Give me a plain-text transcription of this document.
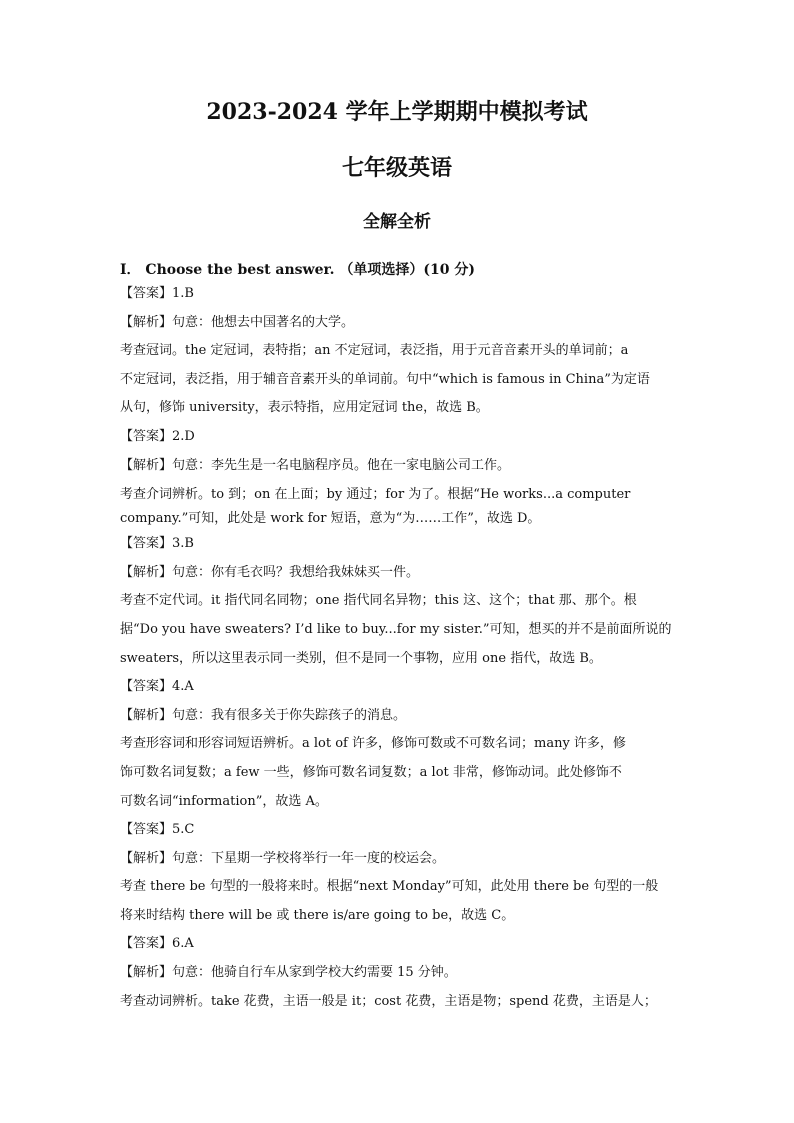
2023-2024 学年上学期期中模拟考试
七年级英语
全解全析
Ⅰ． Choose the best answer. （单项选择）(10 分)

【答案】1.B

【解析】句意：他想去中国著名的大学。

考查冠词。the 定冠词，表特指；an 不定冠词，表泛指，用于元音音素开头的单词前；a

不定冠词，表泛指，用于辅音音素开头的单词前。句中“which is famous in China”为定语

从句，修饰 university，表示特指，应用定冠词 the，故选 B。

【答案】2.D

【解析】句意：李先生是一名电脑程序员。他在一家电脑公司工作。

考查介词辨析。to 到；on 在上面；by 通过；for 为了。根据“He works...a computer

company.”可知，此处是 work for 短语，意为“为……工作”，故选 D。

【答案】3.B

【解析】句意：你有毛衣吗？我想给我妹妹买一件。

考查不定代词。it 指代同名同物；one 指代同名异物；this 这、这个；that 那、那个。根

据“Do you have sweaters? I’d like to buy...for my sister.”可知，想买的并不是前面所说的

sweaters，所以这里表示同一类别，但不是同一个事物，应用 one 指代，故选 B。

【答案】4.A

【解析】句意：我有很多关于你失踪孩子的消息。

考查形容词和形容词短语辨析。a lot of 许多，修饰可数或不可数名词；many 许多，修

饰可数名词复数；a few 一些，修饰可数名词复数；a lot 非常，修饰动词。此处修饰不

可数名词“information”，故选 A。

【答案】5.C

【解析】句意：下星期一学校将举行一年一度的校运会。

考查 there be 句型的一般将来时。根据“next Monday”可知，此处用 there be 句型的一般

将来时结构 there will be 或 there is/are going to be，故选 C。

【答案】6.A

【解析】句意：他骑自行车从家到学校大约需要 15 分钟。

考查动词辨析。take 花费，主语一般是 it；cost 花费，主语是物；spend 花费，主语是人；
